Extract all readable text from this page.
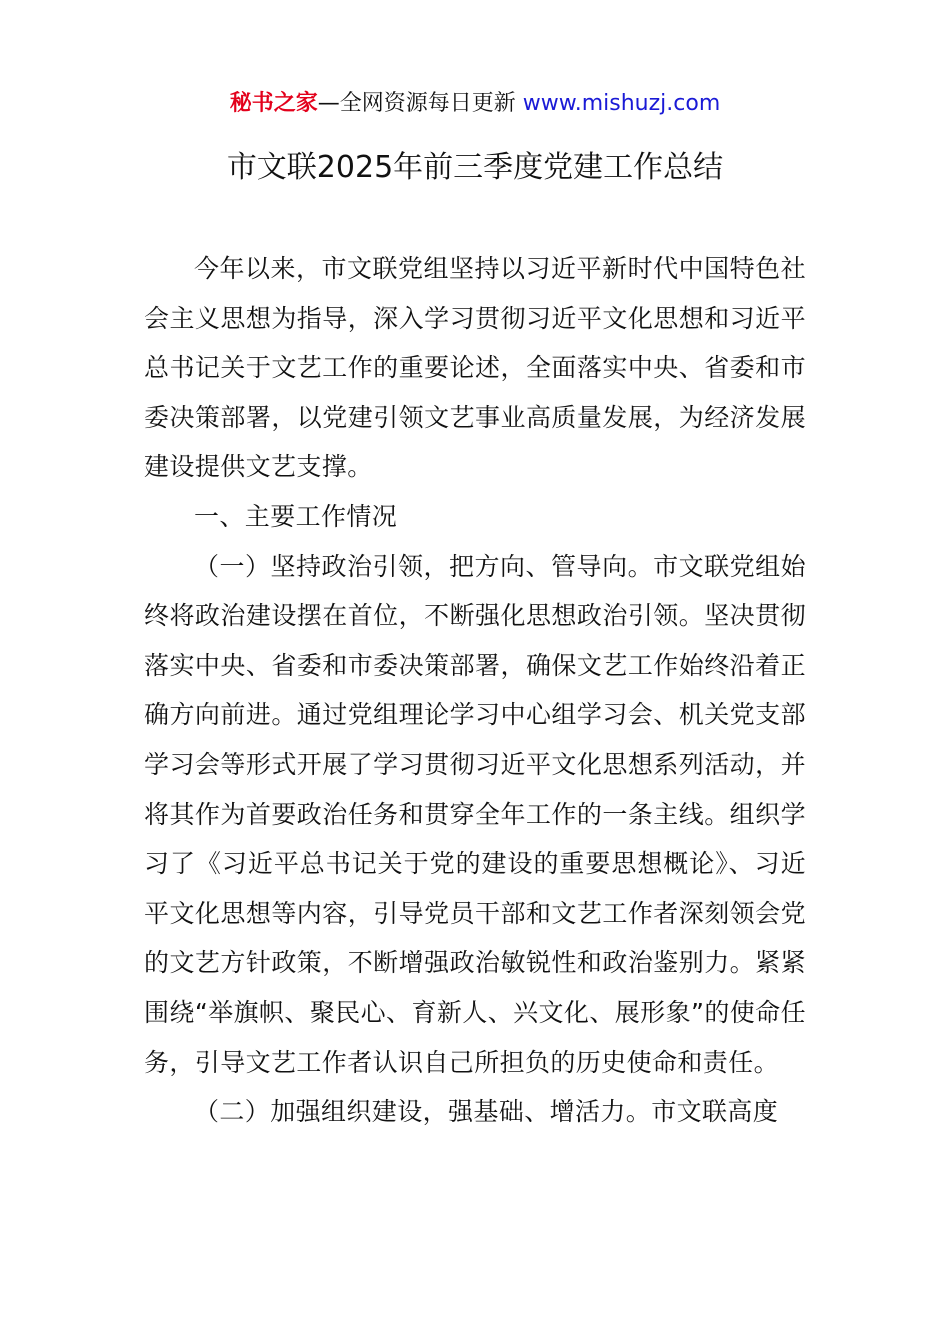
秘书之家—全网资源每日更新 www.mishuzj.com
市文联2025年前三季度党建工作总结

今年以来，市文联党组坚持以习近平新时代中国特色社会主义思想为指导，深入学习贯彻习近平文化思想和习近平总书记关于文艺工作的重要论述，全面落实中央、省委和市委决策部署，以党建引领文艺事业高质量发展，为经济发展建设提供文艺支撑。

一、主要工作情况

（一）坚持政治引领，把方向、管导向。市文联党组始终将政治建设摆在首位，不断强化思想政治引领。坚决贯彻落实中央、省委和市委决策部署，确保文艺工作始终沿着正确方向前进。通过党组理论学习中心组学习会、机关党支部学习会等形式开展了学习贯彻习近平文化思想系列活动，并将其作为首要政治任务和贯穿全年工作的一条主线。组织学习了《习近平总书记关于党的建设的重要思想概论》、习近平文化思想等内容，引导党员干部和文艺工作者深刻领会党的文艺方针政策，不断增强政治敏锐性和政治鉴别力。紧紧围绕“举旗帜、聚民心、育新人、兴文化、展形象”的使命任务，引导文艺工作者认识自己所担负的历史使命和责任。

（二）加强组织建设，强基础、增活力。市文联高度
